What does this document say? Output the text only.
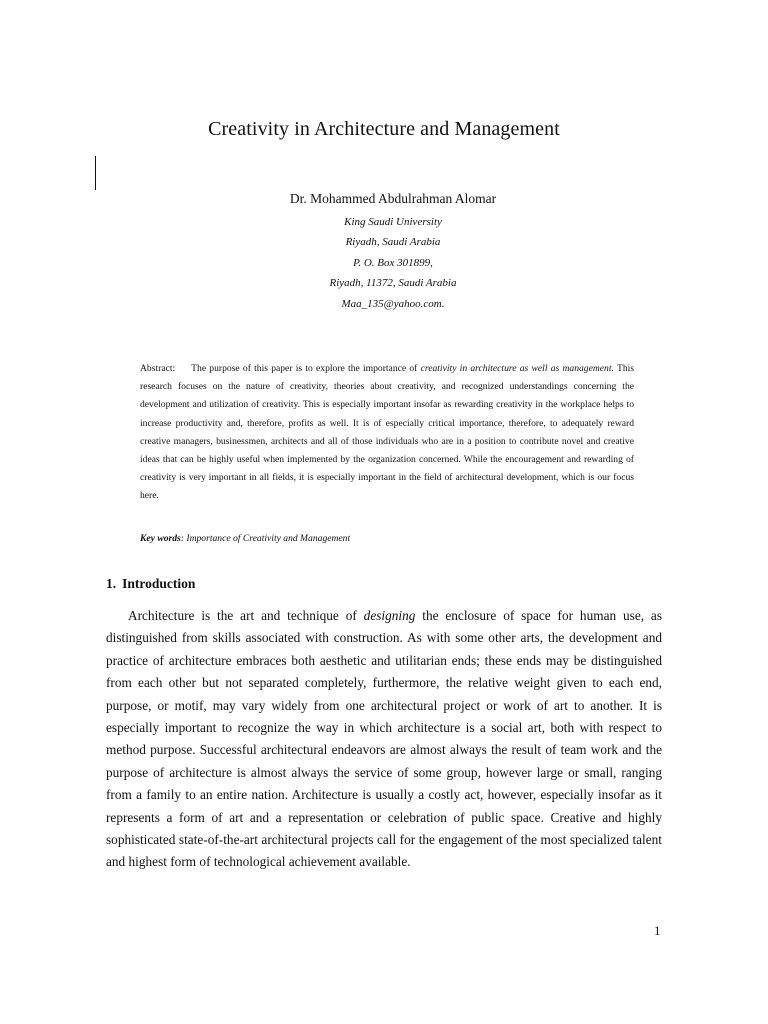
Creativity in Architecture and Management
Dr. Mohammed Abdulrahman Alomar
King Saudi University
Riyadh, Saudi Arabia
P. O. Box 301899,
Riyadh, 11372, Saudi Arabia
Maa_135@yahoo.com.
Abstract: The purpose of this paper is to explore the importance of creativity in architecture as well as management. This research focuses on the nature of creativity, theories about creativity, and recognized understandings concerning the development and utilization of creativity. This is especially important insofar as rewarding creativity in the workplace helps to increase productivity and, therefore, profits as well. It is of especially critical importance, therefore, to adequately reward creative managers, businessmen, architects and all of those individuals who are in a position to contribute novel and creative ideas that can be highly useful when implemented by the organization concerned. While the encouragement and rewarding of creativity is very important in all fields, it is especially important in the field of architectural development, which is our focus here.
Key words: Importance of Creativity and Management
1. Introduction
Architecture is the art and technique of designing the enclosure of space for human use, as distinguished from skills associated with construction. As with some other arts, the development and practice of architecture embraces both aesthetic and utilitarian ends; these ends may be distinguished from each other but not separated completely, furthermore, the relative weight given to each end, purpose, or motif, may vary widely from one architectural project or work of art to another. It is especially important to recognize the way in which architecture is a social art, both with respect to method purpose. Successful architectural endeavors are almost always the result of team work and the purpose of architecture is almost always the service of some group, however large or small, ranging from a family to an entire nation. Architecture is usually a costly act, however, especially insofar as it represents a form of art and a representation or celebration of public space. Creative and highly sophisticated state-of-the-art architectural projects call for the engagement of the most specialized talent and highest form of technological achievement available.
1
